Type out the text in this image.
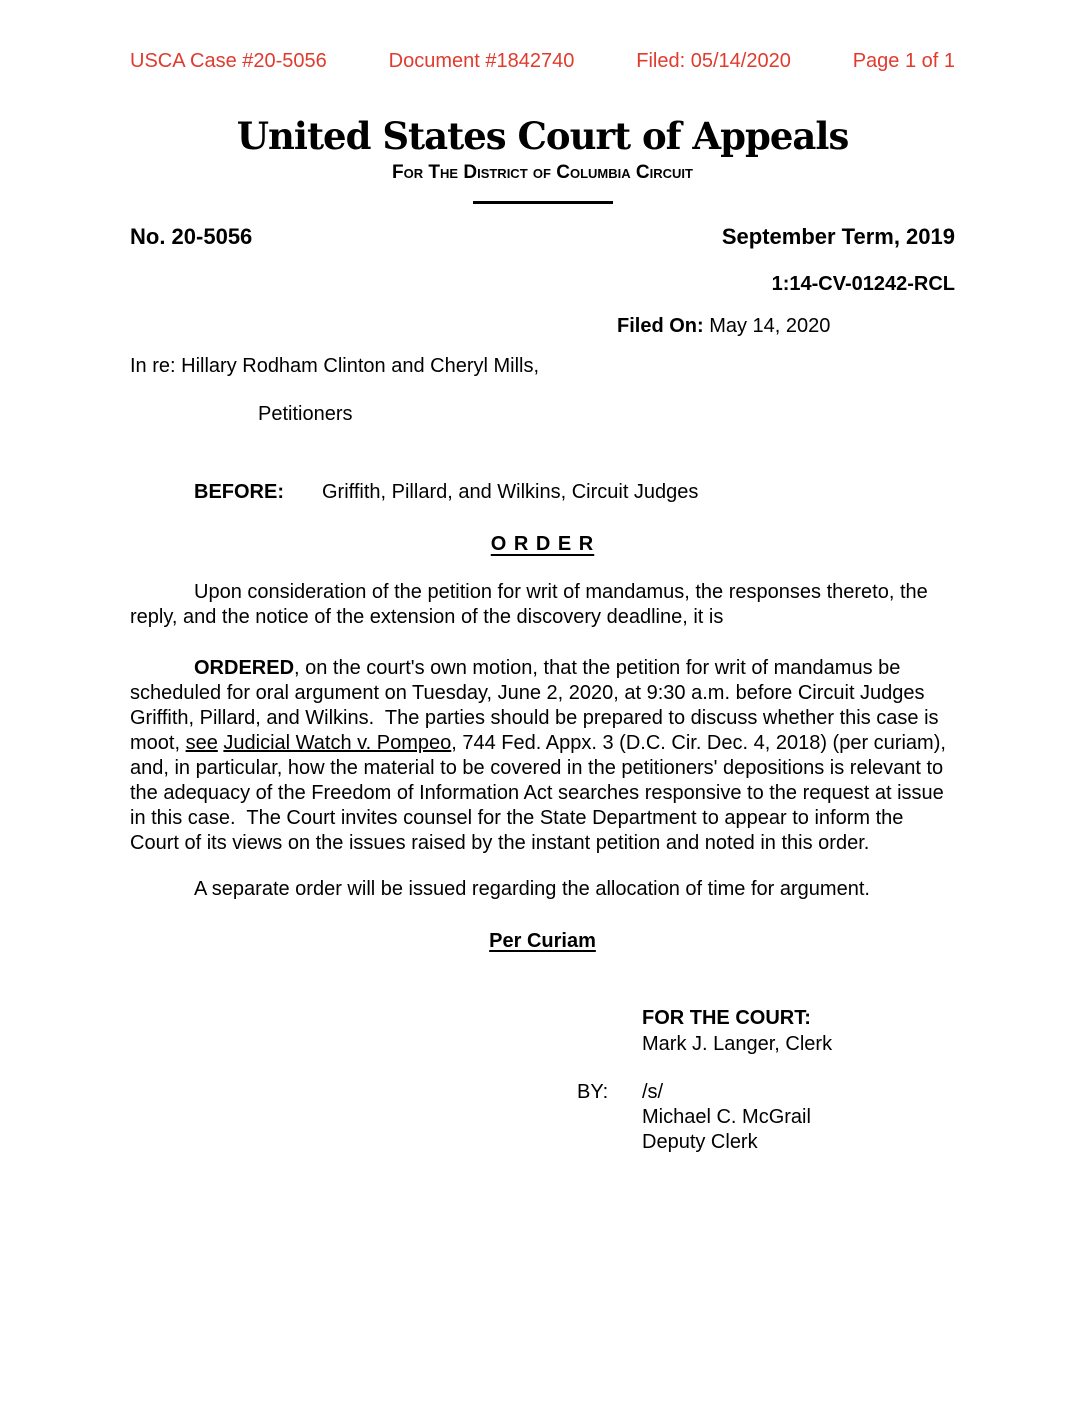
USCA Case #20-5056	Document #1842740	Filed: 05/14/2020	Page 1 of 1
United States Court of Appeals
For The District of Columbia Circuit
No. 20-5056	September Term, 2019
1:14-CV-01242-RCL
Filed On: May 14, 2020
In re: Hillary Rodham Clinton and Cheryl Mills,
Petitioners
BEFORE: Griffith, Pillard, and Wilkins, Circuit Judges
O R D E R

Upon consideration of the petition for writ of mandamus, the responses thereto, the reply, and the notice of the extension of the discovery deadline, it is

ORDERED, on the court's own motion, that the petition for writ of mandamus be scheduled for oral argument on Tuesday, June 2, 2020, at 9:30 a.m. before Circuit Judges Griffith, Pillard, and Wilkins.  The parties should be prepared to discuss whether this case is moot, see Judicial Watch v. Pompeo, 744 Fed. Appx. 3 (D.C. Cir. Dec. 4, 2018) (per curiam), and, in particular, how the material to be covered in the petitioners' depositions is relevant to the adequacy of the Freedom of Information Act searches responsive to the request at issue in this case.  The Court invites counsel for the State Department to appear to inform the Court of its views on the issues raised by the instant petition and noted in this order.

A separate order will be issued regarding the allocation of time for argument.

Per Curiam
FOR THE COURT:
Mark J. Langer, Clerk
BY:	/s/
Michael C. McGrail
Deputy Clerk
